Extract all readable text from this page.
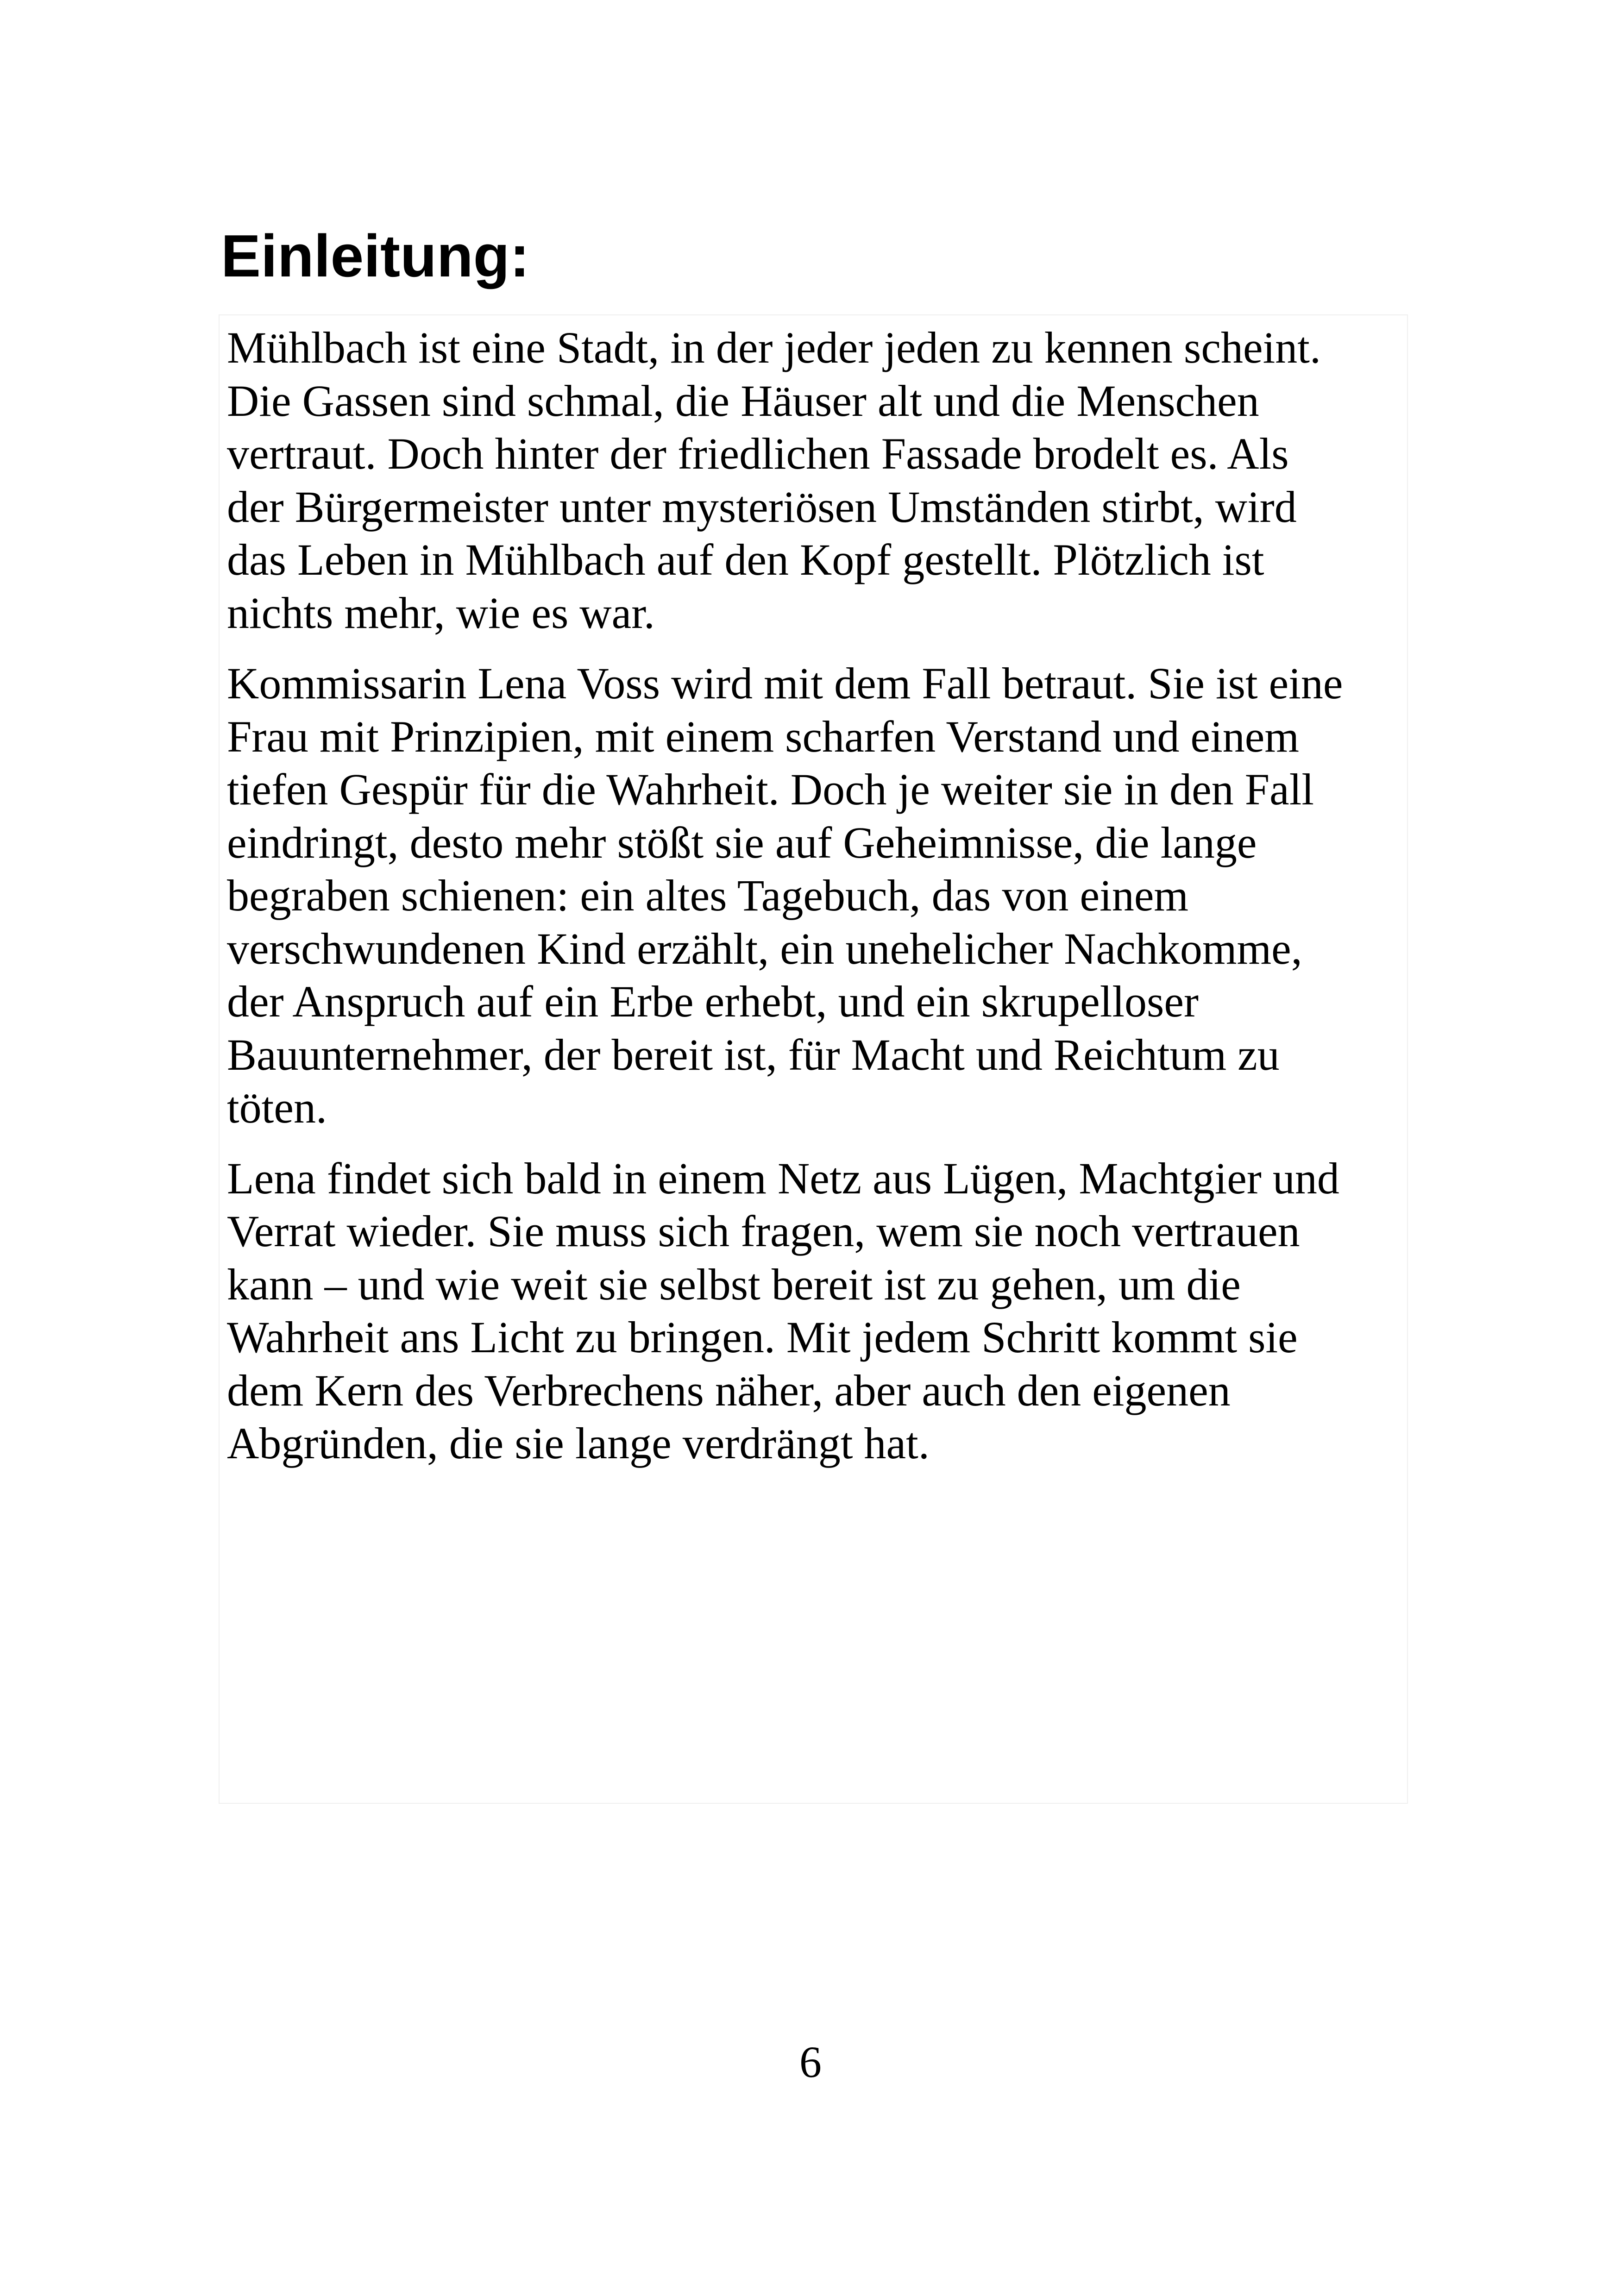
Einleitung:

Mühlbach ist eine Stadt, in der jeder jeden zu kennen scheint.
Die Gassen sind schmal, die Häuser alt und die Menschen
vertraut. Doch hinter der friedlichen Fassade brodelt es. Als
der Bürgermeister unter mysteriösen Umständen stirbt, wird
das Leben in Mühlbach auf den Kopf gestellt. Plötzlich ist
nichts mehr, wie es war.

Kommissarin Lena Voss wird mit dem Fall betraut. Sie ist eine
Frau mit Prinzipien, mit einem scharfen Verstand und einem
tiefen Gespür für die Wahrheit. Doch je weiter sie in den Fall
eindringt, desto mehr stößt sie auf Geheimnisse, die lange
begraben schienen: ein altes Tagebuch, das von einem
verschwundenen Kind erzählt, ein unehelicher Nachkomme,
der Anspruch auf ein Erbe erhebt, und ein skrupelloser
Bauunternehmer, der bereit ist, für Macht und Reichtum zu
töten.

Lena findet sich bald in einem Netz aus Lügen, Machtgier und
Verrat wieder. Sie muss sich fragen, wem sie noch vertrauen
kann – und wie weit sie selbst bereit ist zu gehen, um die
Wahrheit ans Licht zu bringen. Mit jedem Schritt kommt sie
dem Kern des Verbrechens näher, aber auch den eigenen
Abgründen, die sie lange verdrängt hat.

6
